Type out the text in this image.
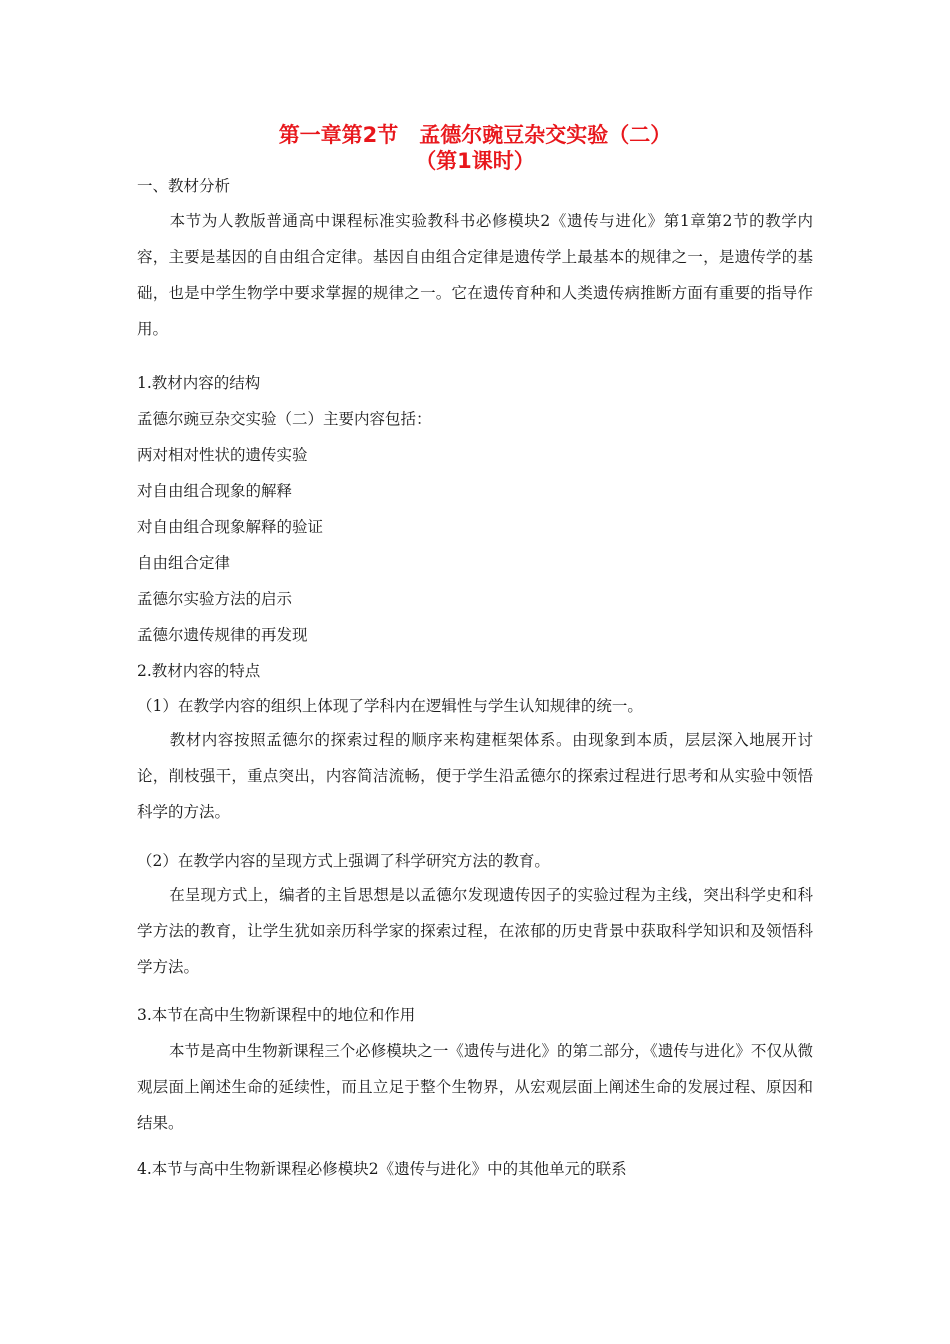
第一章第2节　孟德尔豌豆杂交实验（二）
（第1课时）
一、教材分析
本节为人教版普通高中课程标准实验教科书必修模块2《遗传与进化》第1章第2节的教学内容，主要是基因的自由组合定律。基因自由组合定律是遗传学上最基本的规律之一，是遗传学的基础，也是中学生物学中要求掌握的规律之一。它在遗传育种和人类遗传病推断方面有重要的指导作用。
1.教材内容的结构
孟德尔豌豆杂交实验（二）主要内容包括：
两对相对性状的遗传实验
对自由组合现象的解释
对自由组合现象解释的验证
自由组合定律
孟德尔实验方法的启示
孟德尔遗传规律的再发现
2.教材内容的特点
（1）在教学内容的组织上体现了学科内在逻辑性与学生认知规律的统一。
教材内容按照孟德尔的探索过程的顺序来构建框架体系。由现象到本质，层层深入地展开讨论，削枝强干，重点突出，内容简洁流畅，便于学生沿孟德尔的探索过程进行思考和从实验中领悟科学的方法。
（2）在教学内容的呈现方式上强调了科学研究方法的教育。
在呈现方式上，编者的主旨思想是以孟德尔发现遗传因子的实验过程为主线，突出科学史和科学方法的教育，让学生犹如亲历科学家的探索过程，在浓郁的历史背景中获取科学知识和及领悟科学方法。
3.本节在高中生物新课程中的地位和作用
本节是高中生物新课程三个必修模块之一《遗传与进化》的第二部分，《遗传与进化》不仅从微观层面上阐述生命的延续性，而且立足于整个生物界，从宏观层面上阐述生命的发展过程、原因和结果。
4.本节与高中生物新课程必修模块2《遗传与进化》中的其他单元的联系
